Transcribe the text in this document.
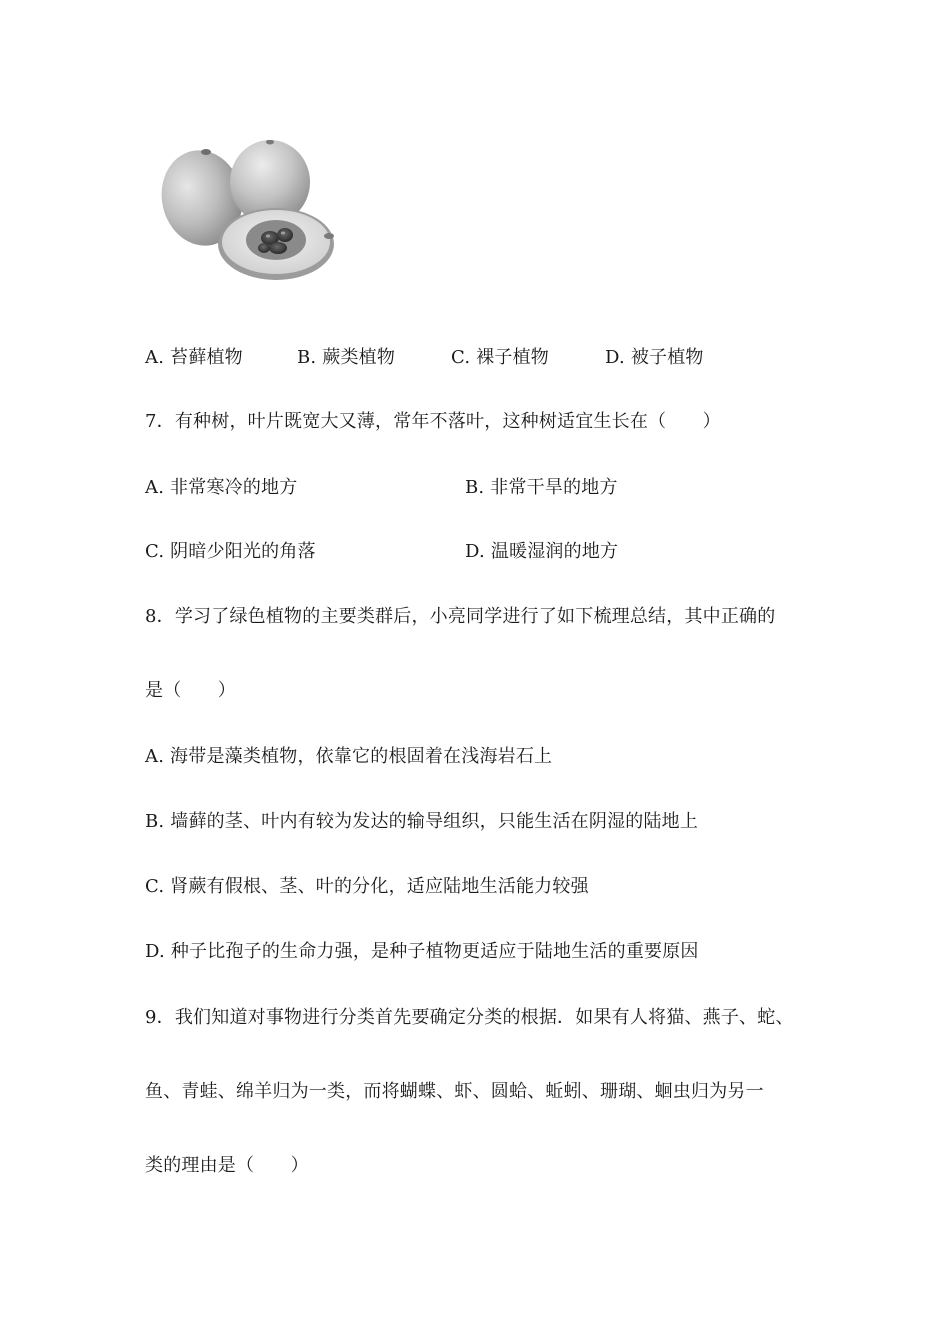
A. 苔藓植物	B. 蕨类植物	C. 裸子植物	D. 被子植物
7．有种树，叶片既宽大又薄，常年不落叶，这种树适宜生长在（　　）
A. 非常寒冷的地方	B. 非常干旱的地方
C. 阴暗少阳光的角落	D. 温暖湿润的地方
8．学习了绿色植物的主要类群后，小亮同学进行了如下梳理总结，其中正确的
是（　　）
A. 海带是藻类植物，依靠它的根固着在浅海岩石上
B. 墙藓的茎、叶内有较为发达的输导组织，只能生活在阴湿的陆地上
C. 肾蕨有假根、茎、叶的分化，适应陆地生活能力较强
D. 种子比孢子的生命力强，是种子植物更适应于陆地生活的重要原因
9．我们知道对事物进行分类首先要确定分类的根据．如果有人将猫、燕子、蛇、
鱼、青蛙、绵羊归为一类，而将蝴蝶、虾、圆蛤、蚯蚓、珊瑚、蛔虫归为另一
类的理由是（　　）
